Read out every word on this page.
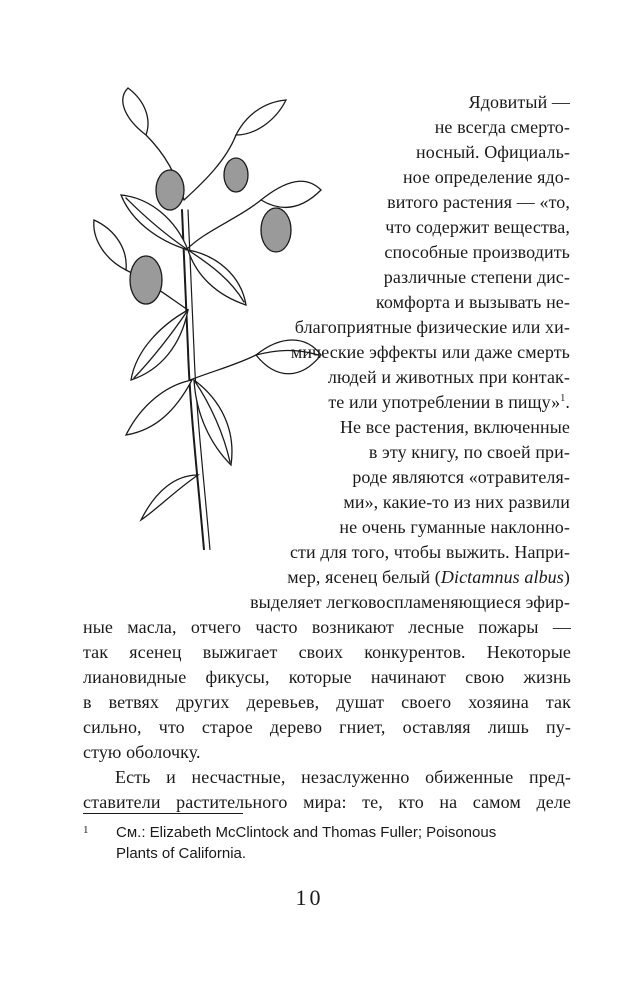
Ядовитый —
не всегда смерто-
носный. Официаль-
ное определение ядо-
витого растения — «то,
что содержит вещества,
способные производить
различные степени дис-
комфорта и вызывать не-
благоприятные физические или хи-
мические эффекты или даже смерть
людей и животных при контак-
те или употреблении в пищу»$^1$.
Не все растения, включенные
в эту книгу, по своей при-
роде являются «отравителя-
ми», какие-то из них развили
не очень гуманные наклонно-
сти для того, чтобы выжить. Напри-
мер, ясенец белый (Dictamnus albus)
выделяет легковоспламеняющиеся эфир-
ные масла, отчего часто возникают лесные пожары —
так ясенец выжигает своих конкурентов. Некоторые
лиановидные фикусы, которые начинают свою жизнь
в ветвях других деревьев, душат своего хозяина так
сильно, что старое дерево гниет, оставляя лишь пу-
стую оболочку.
Есть и несчастные, незаслуженно обиженные пред-
ставители растительного мира: те, кто на самом деле
1 См.: Elizabeth McClintock and Thomas Fuller; Poisonous
Plants of California.
10
